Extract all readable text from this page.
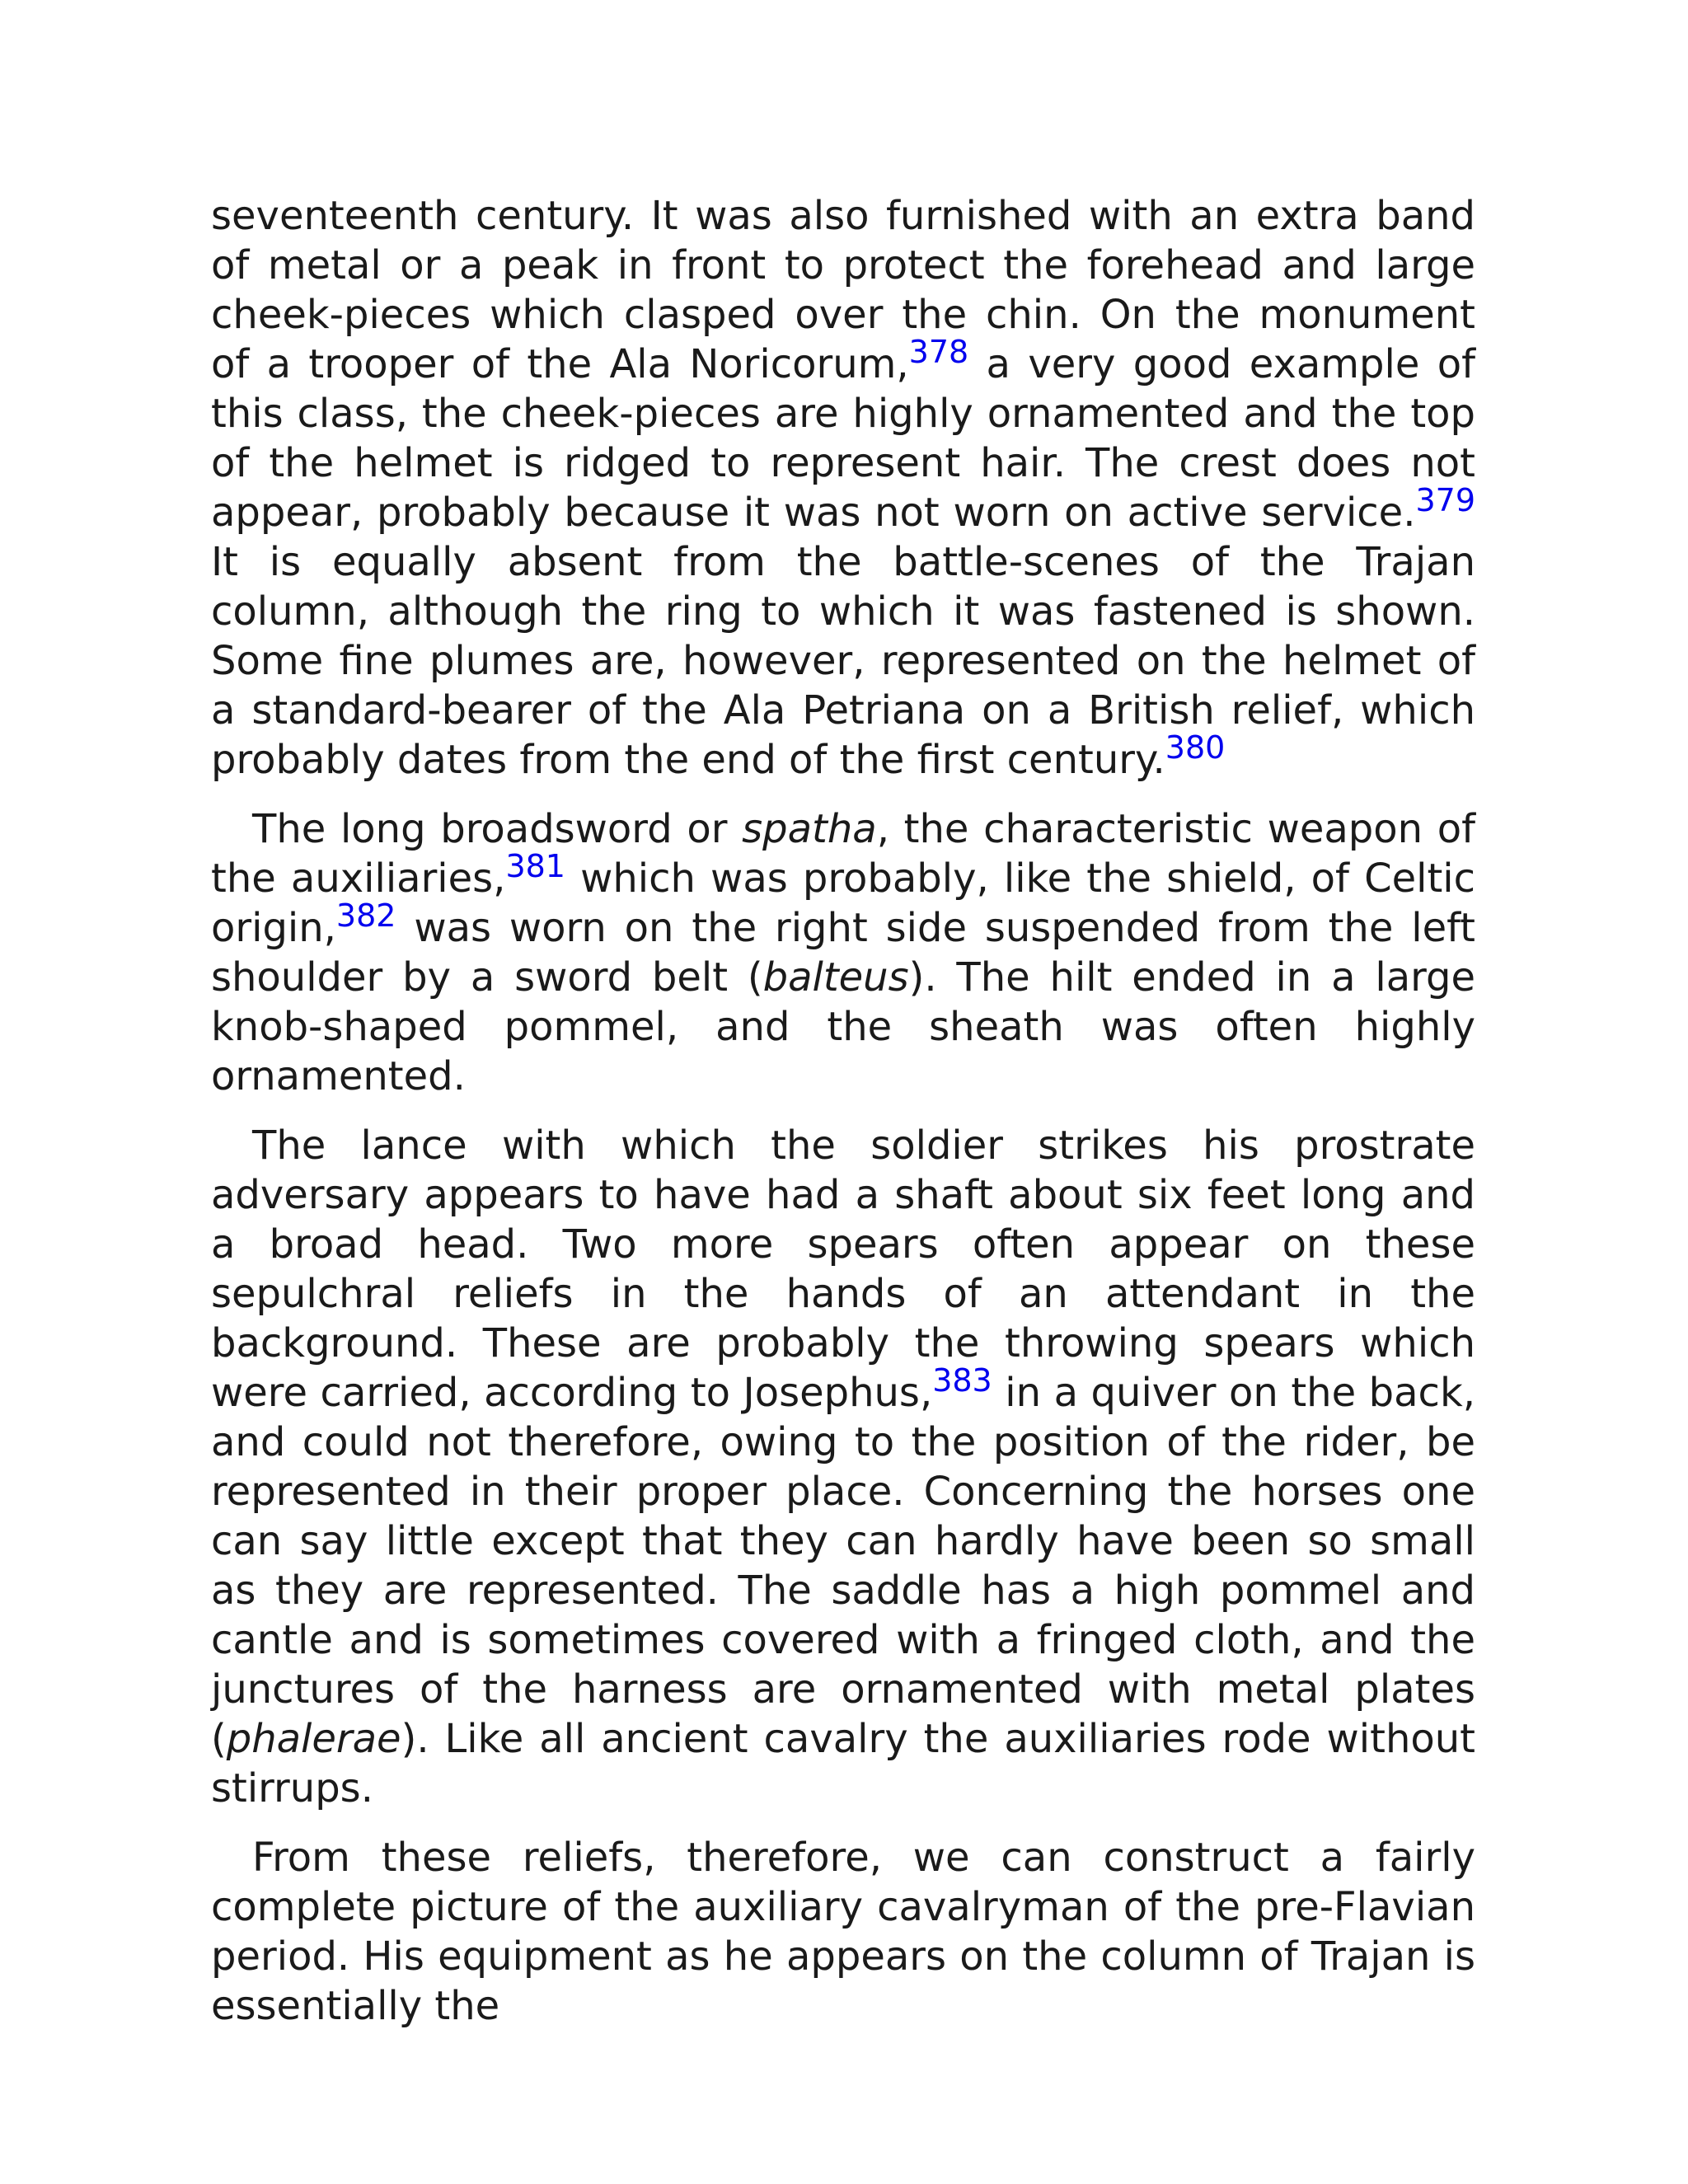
seventeenth century. It was also furnished with an extra band of metal or a peak in front to protect the forehead and large cheek-pieces which clasped over the chin. On the monument of a trooper of the Ala Noricorum,$^{378}$ a very good example of this class, the cheek-pieces are highly ornamented and the top of the helmet is ridged to represent hair. The crest does not appear, probably because it was not worn on active service.$^{379}$ It is equally absent from the battle-scenes of the Trajan column, although the ring to which it was fastened is shown. Some fine plumes are, however, represented on the helmet of a standard-bearer of the Ala Petriana on a British relief, which probably dates from the end of the first century.$^{380}$

The long broadsword or spatha, the characteristic weapon of the auxiliaries,$^{381}$ which was probably, like the shield, of Celtic origin,$^{382}$ was worn on the right side suspended from the left shoulder by a sword belt (balteus). The hilt ended in a large knob-shaped pommel, and the sheath was often highly ornamented.

The lance with which the soldier strikes his prostrate adversary appears to have had a shaft about six feet long and a broad head. Two more spears often appear on these sepulchral reliefs in the hands of an attendant in the background. These are probably the throwing spears which were carried, according to Josephus,$^{383}$ in a quiver on the back, and could not therefore, owing to the position of the rider, be represented in their proper place. Concerning the horses one can say little except that they can hardly have been so small as they are represented. The saddle has a high pommel and cantle and is sometimes covered with a fringed cloth, and the junctures of the harness are ornamented with metal plates (phalerae). Like all ancient cavalry the auxiliaries rode without stirrups.

From these reliefs, therefore, we can construct a fairly complete picture of the auxiliary cavalryman of the pre-Flavian period. His equipment as he appears on the column of Trajan is essentially the
